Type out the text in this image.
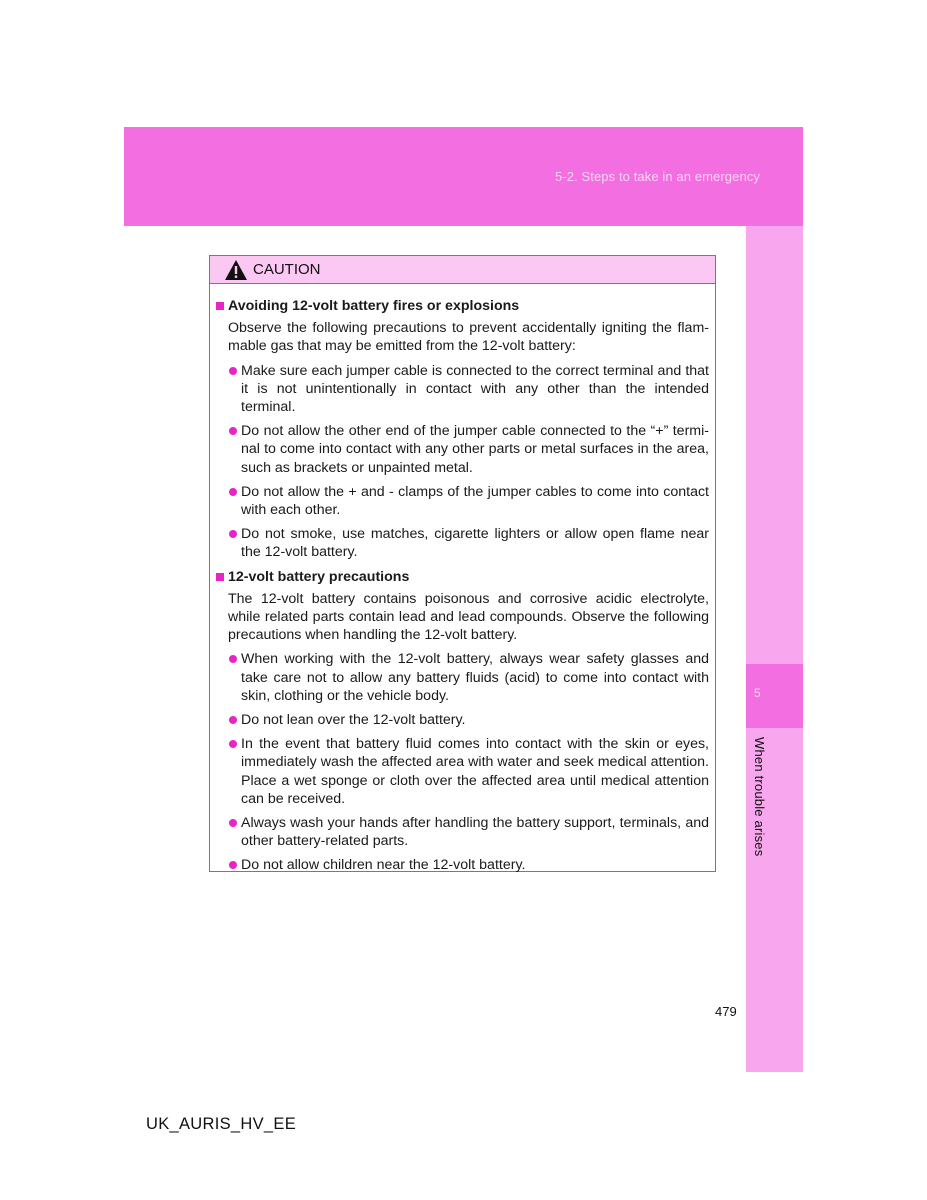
5-2. Steps to take in an emergency
5
When trouble arises
CAUTION
Avoiding 12-volt battery fires or explosions
Observe the following precautions to prevent accidentally igniting the flam- mable gas that may be emitted from the 12-volt battery:
Make sure each jumper cable is connected to the correct terminal and that it is not unintentionally in contact with any other than the intended terminal.
Do not allow the other end of the jumper cable connected to the “+” termi- nal to come into contact with any other parts or metal surfaces in the area, such as brackets or unpainted metal.
Do not allow the + and - clamps of the jumper cables to come into contact with each other.
Do not smoke, use matches, cigarette lighters or allow open flame near the 12-volt battery.
12-volt battery precautions
The 12-volt battery contains poisonous and corrosive acidic electrolyte, while related parts contain lead and lead compounds. Observe the following precautions when handling the 12-volt battery.
When working with the 12-volt battery, always wear safety glasses and take care not to allow any battery fluids (acid) to come into contact with skin, clothing or the vehicle body.
Do not lean over the 12-volt battery.
In the event that battery fluid comes into contact with the skin or eyes, immediately wash the affected area with water and seek medical attention. Place a wet sponge or cloth over the affected area until medical attention can be received.
Always wash your hands after handling the battery support, terminals, and other battery-related parts.
Do not allow children near the 12-volt battery.
479
UK_AURIS_HV_EE
